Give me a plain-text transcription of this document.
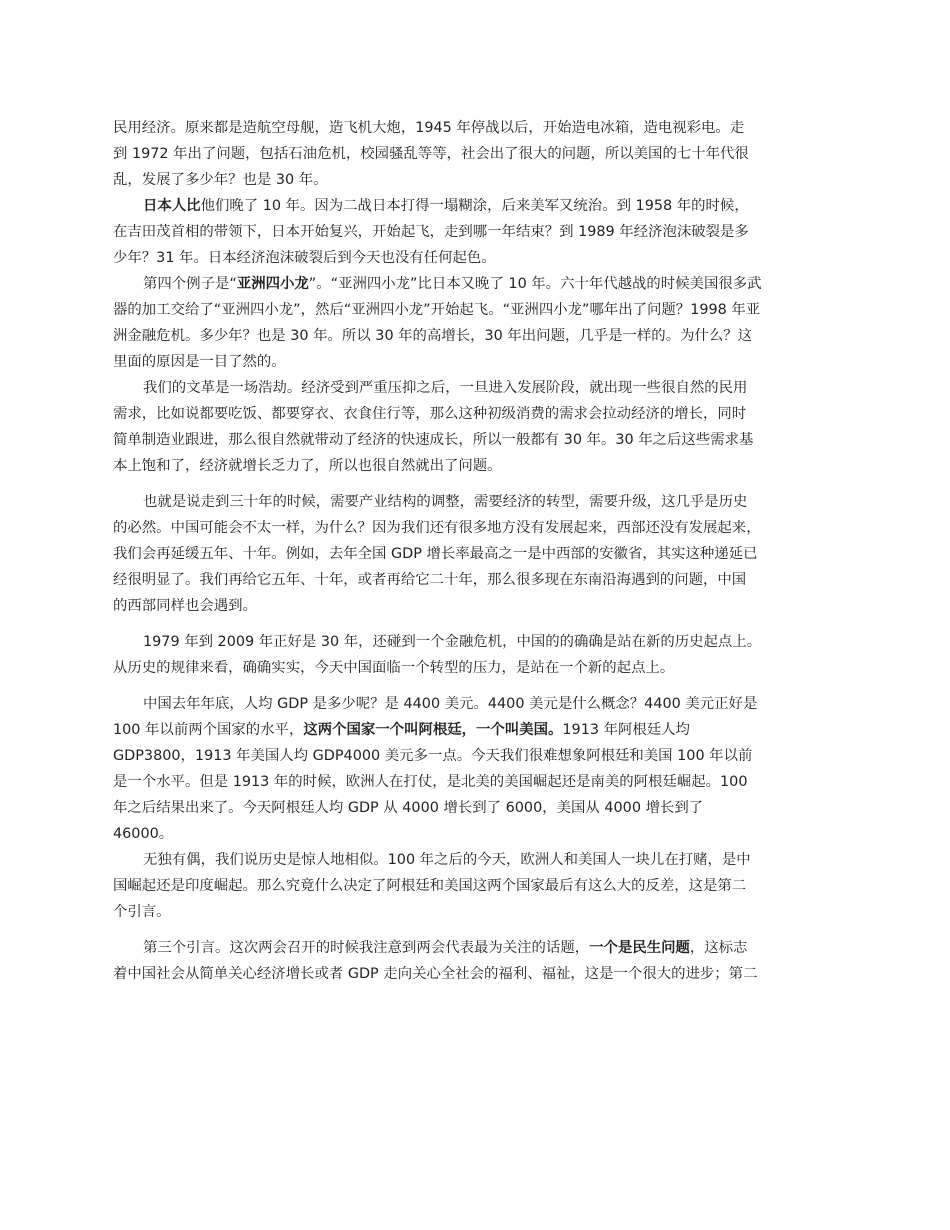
民用经济。原来都是造航空母舰，造飞机大炮，1945 年停战以后，开始造电冰箱，造电视彩电。走
到 1972 年出了问题，包括石油危机，校园骚乱等等，社会出了很大的问题，所以美国的七十年代很
乱，发展了多少年？也是 30 年。
日本人比他们晚了 10 年。因为二战日本打得一塌糊涂，后来美军又统治。到 1958 年的时候，
在吉田茂首相的带领下，日本开始复兴，开始起飞，走到哪一年结束？到 1989 年经济泡沫破裂是多
少年？31 年。日本经济泡沫破裂后到今天也没有任何起色。
第四个例子是“亚洲四小龙”。“亚洲四小龙”比日本又晚了 10 年。六十年代越战的时候美国很多武
器的加工交给了“亚洲四小龙”，然后“亚洲四小龙”开始起飞。“亚洲四小龙”哪年出了问题？1998 年亚
洲金融危机。多少年？也是 30 年。所以 30 年的高增长，30 年出问题，几乎是一样的。为什么？这
里面的原因是一目了然的。
我们的文革是一场浩劫。经济受到严重压抑之后，一旦进入发展阶段，就出现一些很自然的民用
需求，比如说都要吃饭、都要穿衣、衣食住行等，那么这种初级消费的需求会拉动经济的增长，同时
简单制造业跟进，那么很自然就带动了经济的快速成长，所以一般都有 30 年。30 年之后这些需求基
本上饱和了，经济就增长乏力了，所以也很自然就出了问题。
也就是说走到三十年的时候，需要产业结构的调整，需要经济的转型，需要升级，这几乎是历史
的必然。中国可能会不太一样，为什么？因为我们还有很多地方没有发展起来，西部还没有发展起来，
我们会再延缓五年、十年。例如，去年全国 GDP 增长率最高之一是中西部的安徽省，其实这种递延已
经很明显了。我们再给它五年、十年，或者再给它二十年，那么很多现在东南沿海遇到的问题，中国
的西部同样也会遇到。
1979 年到 2009 年正好是 30 年，还碰到一个金融危机，中国的的确确是站在新的历史起点上。
从历史的规律来看，确确实实，今天中国面临一个转型的压力，是站在一个新的起点上。
中国去年年底，人均 GDP 是多少呢？是 4400 美元。4400 美元是什么概念？4400 美元正好是
100 年以前两个国家的水平，这两个国家一个叫阿根廷，一个叫美国。1913 年阿根廷人均
GDP3800，1913 年美国人均 GDP4000 美元多一点。今天我们很难想象阿根廷和美国 100 年以前
是一个水平。但是 1913 年的时候，欧洲人在打仗，是北美的美国崛起还是南美的阿根廷崛起。100
年之后结果出来了。今天阿根廷人均 GDP 从 4000 增长到了 6000，美国从 4000 增长到了
46000。
无独有偶，我们说历史是惊人地相似。100 年之后的今天，欧洲人和美国人一块儿在打赌，是中
国崛起还是印度崛起。那么究竟什么决定了阿根廷和美国这两个国家最后有这么大的反差，这是第二
个引言。
第三个引言。这次两会召开的时候我注意到两会代表最为关注的话题，一个是民生问题，这标志
着中国社会从简单关心经济增长或者 GDP 走向关心全社会的福利、福祉，这是一个很大的进步；第二
